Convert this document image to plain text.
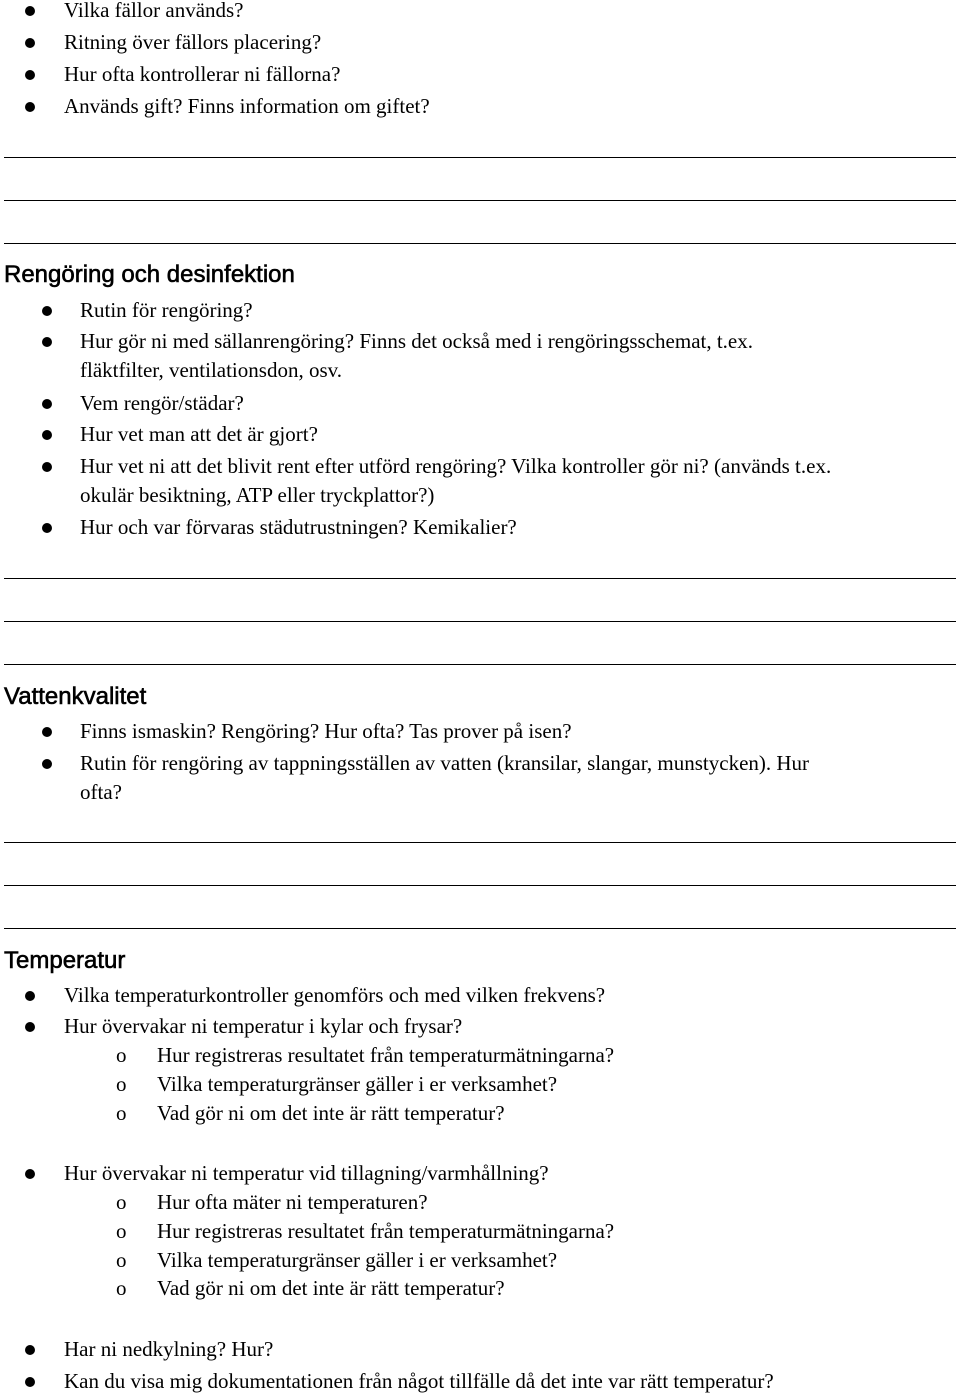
Vilka fällor används?
Ritning över fällors placering?
Hur ofta kontrollerar ni fällorna?
Används gift? Finns information om giftet?
Rengöring och desinfektion
Rutin för rengöring?
Hur gör ni med sällanrengöring? Finns det också med i rengöringsschemat, t.ex.
fläktfilter, ventilationsdon, osv.
Vem rengör/städar?
Hur vet man att det är gjort?
Hur vet ni att det blivit rent efter utförd rengöring? Vilka kontroller gör ni? (används t.ex.
okulär besiktning, ATP eller tryckplattor?)
Hur och var förvaras städutrustningen? Kemikalier?
Vattenkvalitet
Finns ismaskin? Rengöring? Hur ofta? Tas prover på isen?
Rutin för rengöring av tappningsställen av vatten (kransilar, slangar, munstycken). Hur
ofta?
Temperatur
Vilka temperaturkontroller genomförs och med vilken frekvens?
Hur övervakar ni temperatur i kylar och frysar?
o Hur registreras resultatet från temperaturmätningarna?
o Vilka temperaturgränser gäller i er verksamhet?
o Vad gör ni om det inte är rätt temperatur?
Hur övervakar ni temperatur vid tillagning/varmhållning?
o Hur ofta mäter ni temperaturen?
o Hur registreras resultatet från temperaturmätningarna?
o Vilka temperaturgränser gäller i er verksamhet?
o Vad gör ni om det inte är rätt temperatur?
Har ni nedkylning? Hur?
Kan du visa mig dokumentationen från något tillfälle då det inte var rätt temperatur?
